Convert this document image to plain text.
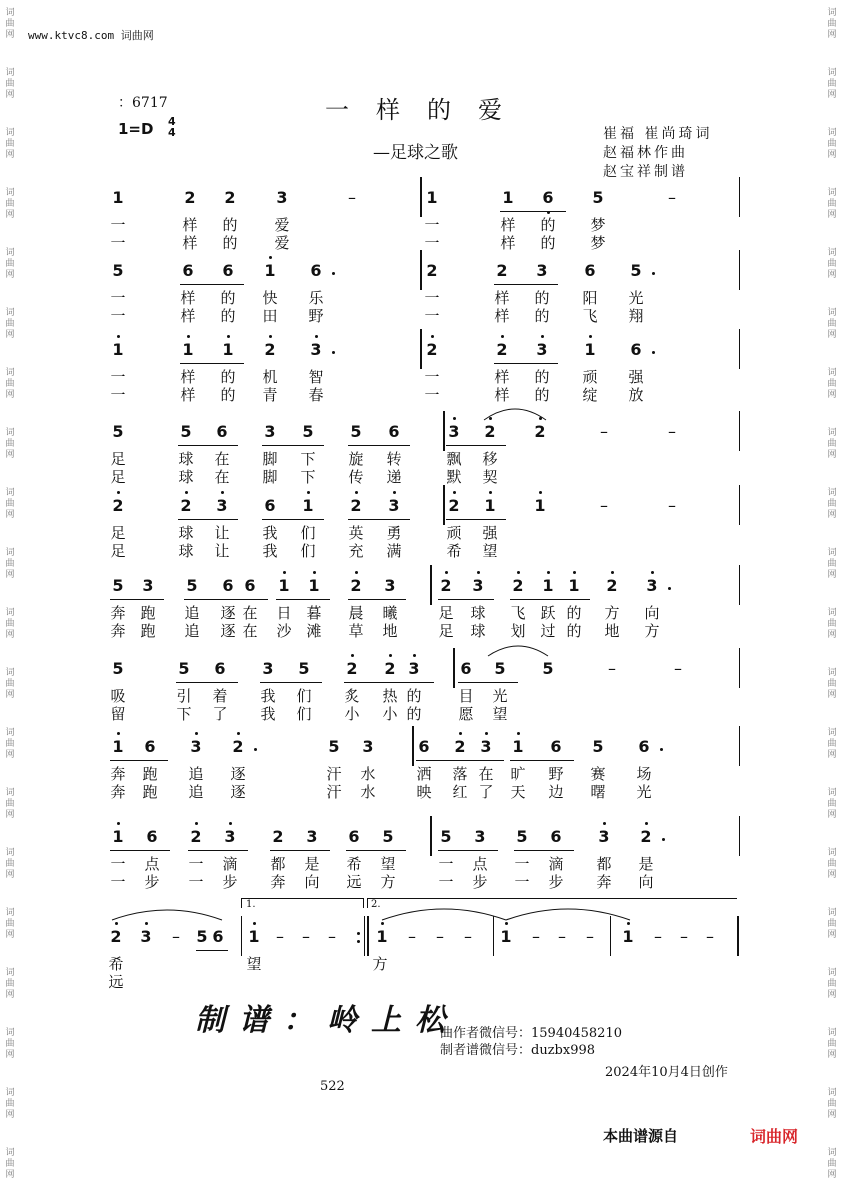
词
曲
网
词
曲
网
词
曲
网
词
曲
网
词
曲
网
词
曲
网
词
曲
网
词
曲
网
词
曲
网
词
曲
网
词
曲
网
词
曲
网
词
曲
网
词
曲
网
词
曲
网
词
曲
网
词
曲
网
词
曲
网
词
曲
网
词
曲
网
词
曲
网
词
曲
网
词
曲
网
词
曲
网
词
曲
网
词
曲
网
词
曲
网
词
曲
网
词
曲
网
词
曲
网
词
曲
网
词
曲
网
词
曲
网
词
曲
网
词
曲
网
词
曲
网
词
曲
网
词
曲
网
词
曲
网
词
曲
网
www.ktvc8.com 词曲网
：6717
1=D 4
4
一样的爱
—足球之歌
崔福 崔尚琦词
赵福林作曲
赵宝祥制谱
1	2 2	3	–	1	1 6 5	–
一	样 的 爱	一	样 的 梦
一	样 的 爱	一	样 的 梦
5	6 6 1 6	2	2 3 6 5
一	样 的 快 乐	一	样 的 阳 光
一	样 的 田 野	一	样 的 飞 翔
1	1 1 2 3	2	2 3 1 6
一	样 的 机 智	一	样 的 顽 强
一	样 的 青 春	一	样 的 绽 放
5	5 6 3 5 5 6	3 2 2	–	–
足	球 在 脚 下 旋 转	飘 移
足	球 在 脚 下 传 递	默 契
2	2 3 6 1 2 3	2 1 1	–	–
足	球 让 我 们 英 勇	顽 强
足	球 让 我 们 充 满	希 望
5 3 5 6 6 1 1 2 3	2 3 2 1 1 2 3
奔 跑 追 逐 在 日 暮 晨 曦	足 球 飞 跃 的 方 向
奔 跑 追 逐 在 沙 滩 草 地	足 球 划 过 的 地 方
5	5 6 3 5 2 2 3	6 5 5	–	–
吸	引 着 我 们 炙 热 的 目 光
留	下 了 我 们 小 小 的 愿 望
1 6 3 2	5 3	6 2 3 1 6 5 6
奔 跑 追 逐	汗 水	洒 落 在 旷 野 赛 场
奔 跑 追 逐	汗 水	映 红 了 天 边 曙 光
1 6 2 3 2 3 6 5	5 3 5 6 3 2
一 点 一 滴 都 是 希 望	一 点 一 滴 都 是
一 步 一 步 奔 向 远 方	一 步 一 步 奔 向
2 3	–	5 6 1	–	–	–	1	–	–	–	1	–	–	–	1	–	–	–
希	望	方
远
1.	2.
制谱：岭上松
曲作者微信号：15940458210
制者谱微信号：duzbx998
2024年10月4日创作
522
本曲谱源自	词曲网
